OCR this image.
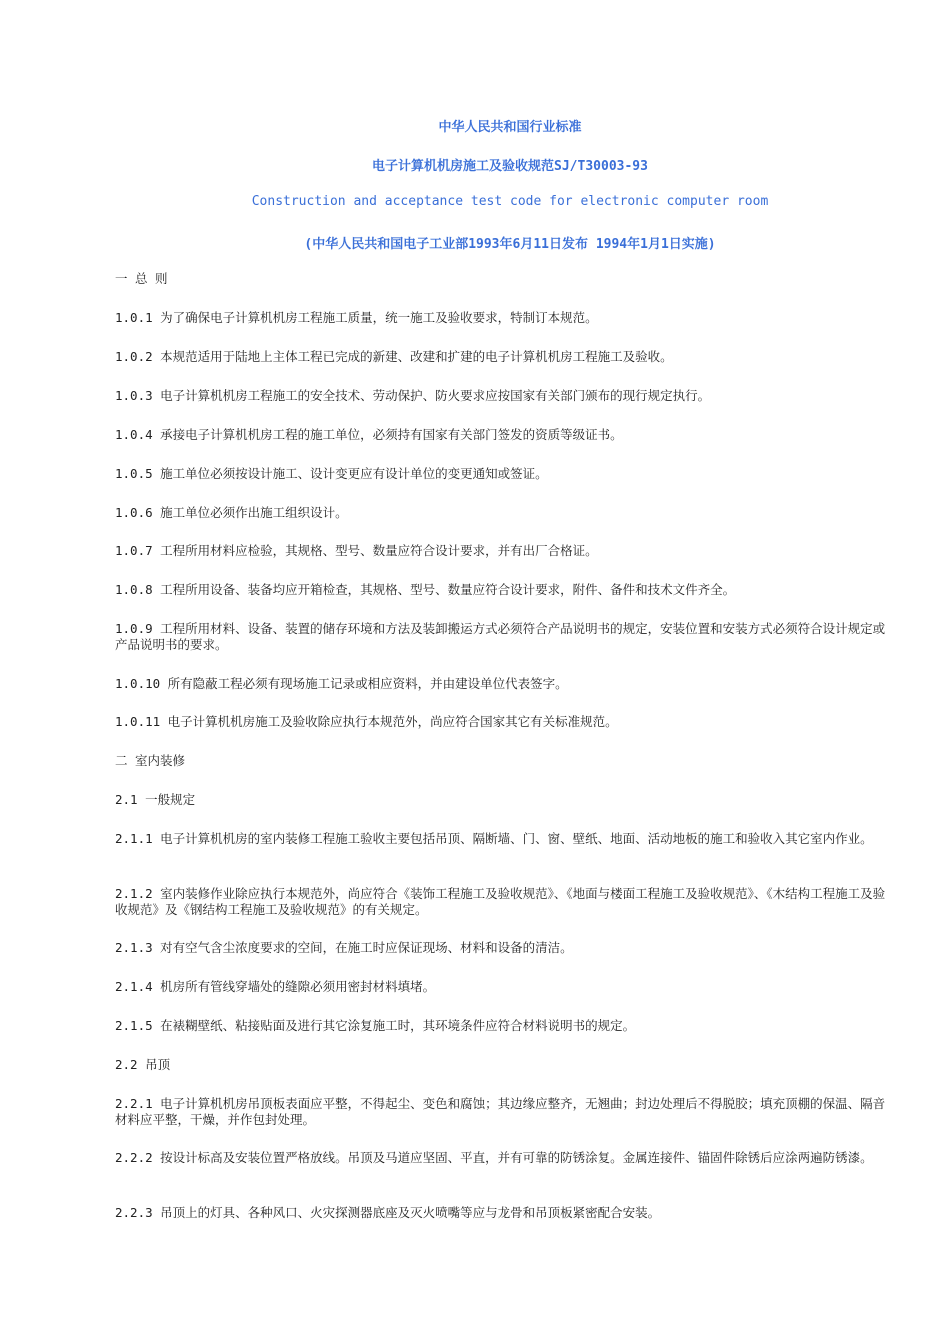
中华人民共和国行业标准
电子计算机机房施工及验收规范SJ/T30003-93
Construction and acceptance test code for electronic computer room
(中华人民共和国电子工业部1993年6月11日发布 1994年1月1日实施)
一 总 则
1.0.1 为了确保电子计算机机房工程施工质量，统一施工及验收要求，特制订本规范。
1.0.2 本规范适用于陆地上主体工程已完成的新建、改建和扩建的电子计算机机房工程施工及验收。
1.0.3 电子计算机机房工程施工的安全技术、劳动保护、防火要求应按国家有关部门颁布的现行规定执行。
1.0.4 承接电子计算机机房工程的施工单位，必须持有国家有关部门签发的资质等级证书。
1.0.5 施工单位必须按设计施工、设计变更应有设计单位的变更通知或签证。
1.0.6 施工单位必须作出施工组织设计。
1.0.7 工程所用材料应检验，其规格、型号、数量应符合设计要求，并有出厂合格证。
1.0.8 工程所用设备、装备均应开箱检查，其规格、型号、数量应符合设计要求，附件、备件和技术文件齐全。
1.0.9 工程所用材料、设备、装置的储存环境和方法及装卸搬运方式必须符合产品说明书的规定，安装位置和安装方式必须符合设计规定或产品说明书的要求。
1.0.10 所有隐蔽工程必须有现场施工记录或相应资料，并由建设单位代表签字。
1.0.11 电子计算机机房施工及验收除应执行本规范外，尚应符合国家其它有关标准规范。
二 室内装修
2.1 一般规定
2.1.1 电子计算机机房的室内装修工程施工验收主要包括吊顶、隔断墙、门、窗、壁纸、地面、活动地板的施工和验收入其它室内作业。
2.1.2 室内装修作业除应执行本规范外，尚应符合《装饰工程施工及验收规范》、《地面与楼面工程施工及验收规范》、《木结构工程施工及验收规范》及《钢结构工程施工及验收规范》的有关规定。
2.1.3 对有空气含尘浓度要求的空间，在施工时应保证现场、材料和设备的清洁。
2.1.4 机房所有管线穿墙处的缝隙必须用密封材料填堵。
2.1.5 在裱糊壁纸、粘接贴面及进行其它涂复施工时，其环境条件应符合材料说明书的规定。
2.2 吊顶
2.2.1 电子计算机机房吊顶板表面应平整，不得起尘、变色和腐蚀；其边缘应整齐，无翘曲；封边处理后不得脱胶；填充顶棚的保温、隔音材料应平整，干燥，并作包封处理。
2.2.2 按设计标高及安装位置严格放线。吊顶及马道应坚固、平直，并有可靠的防锈涂复。金属连接件、锚固件除锈后应涂两遍防锈漆。
2.2.3 吊顶上的灯具、各种风口、火灾探测器底座及灭火喷嘴等应与龙骨和吊顶板紧密配合安装。
